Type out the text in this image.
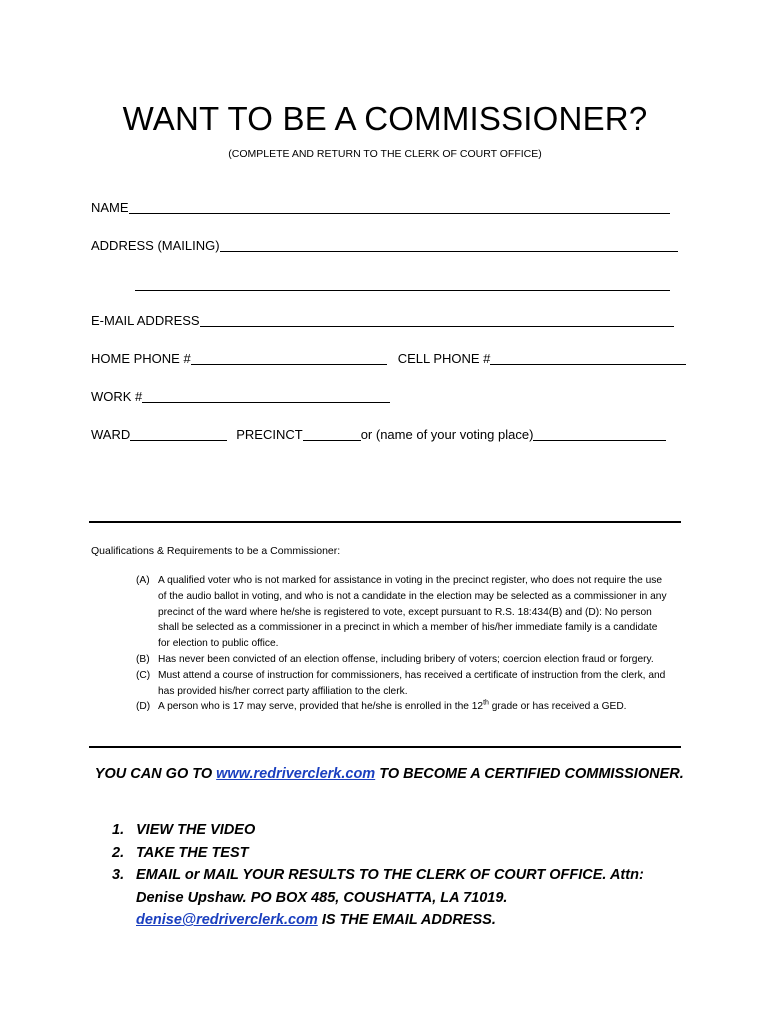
WANT TO BE A COMMISSIONER?
(COMPLETE AND RETURN TO THE CLERK OF COURT OFFICE)
NAME
ADDRESS (MAILING)
E-MAIL ADDRESS
HOME PHONE #	CELL PHONE #
WORK #
WARD	PRECINCT	or (name of your voting place)
Qualifications & Requirements to be a Commissioner:
(A) A qualified voter who is not marked for assistance in voting in the precinct register, who does not require the use of the audio ballot in voting, and who is not a candidate in the election may be selected as a commissioner in any precinct of the ward where he/she is registered to vote, except pursuant to R.S. 18:434(B) and (D): No person shall be selected as a commissioner in a precinct in which a member of his/her immediate family is a candidate for election to public office.
(B) Has never been convicted of an election offense, including bribery of voters; coercion election fraud or forgery.
(C) Must attend a course of instruction for commissioners, has received a certificate of instruction from the clerk, and has provided his/her correct party affiliation to the clerk.
(D) A person who is 17 may serve, provided that he/she is enrolled in the 12th grade or has received a GED.
YOU CAN GO TO www.redriverclerk.com TO BECOME A CERTIFIED COMMISSIONER.
1. VIEW THE VIDEO
2. TAKE THE TEST
3. EMAIL or MAIL YOUR RESULTS TO THE CLERK OF COURT OFFICE. Attn: Denise Upshaw. PO BOX 485, COUSHATTA, LA 71019.
denise@redriverclerk.com IS THE EMAIL ADDRESS.
